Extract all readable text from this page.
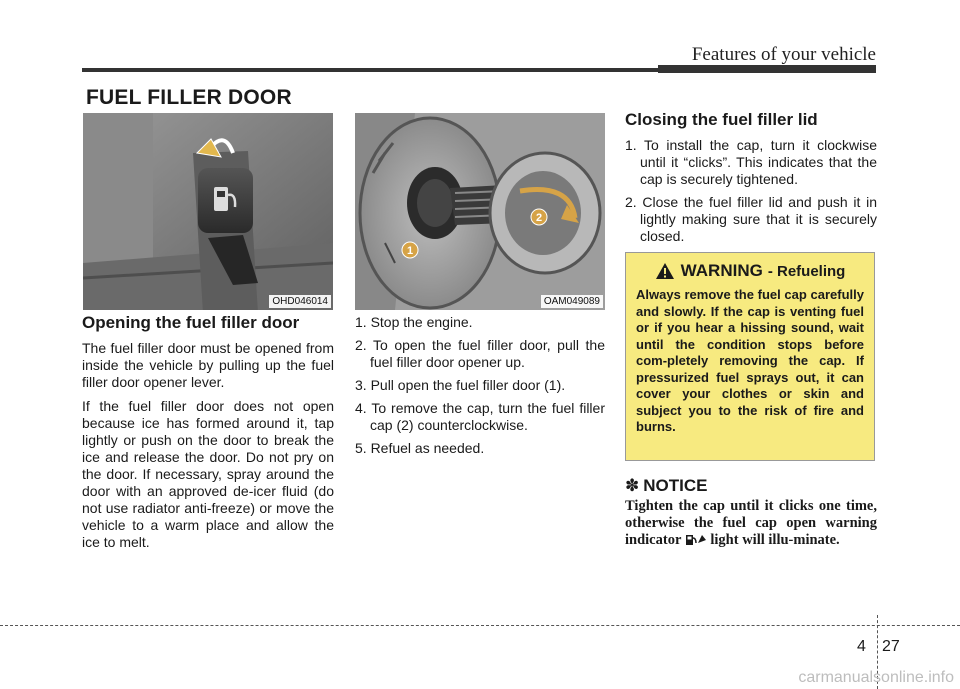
Features of your vehicle
FUEL FILLER DOOR
OHD046014
2
1
OAM049089
Opening the fuel filler door

The fuel filler door must be opened from inside the vehicle by pulling up the fuel filler door opener lever.

If the fuel filler door does not open because ice has formed around it, tap lightly or push on the door to break the ice and release the door. Do not pry on the door. If necessary, spray around the door with an approved de-icer fluid (do not use radiator anti-freeze) or move the vehicle to a warm place and allow the ice to melt.

1. Stop the engine.
2. To open the fuel filler door, pull the fuel filler door opener up.
3. Pull open the fuel filler door (1).
4. To remove the cap, turn the fuel filler cap (2) counterclockwise.
5. Refuel as needed.
Closing the fuel filler lid
1. To install the cap, turn it clockwise until it “clicks”. This indicates that the cap is securely tightened.
2. Close the fuel filler lid and push it in lightly making sure that it is securely closed.
WARNING - Refueling
Always remove the fuel cap carefully and slowly. If the cap is venting fuel or if you hear a hissing sound, wait until the condition stops before com-pletely removing the cap. If pressurized fuel sprays out, it can cover your clothes or skin and subject you to the risk of fire and burns.
✽ NOTICE
Tighten the cap until it clicks one time, otherwise the fuel cap open warning indicator light will illu-minate.
4 27
carmanualsonline.info
